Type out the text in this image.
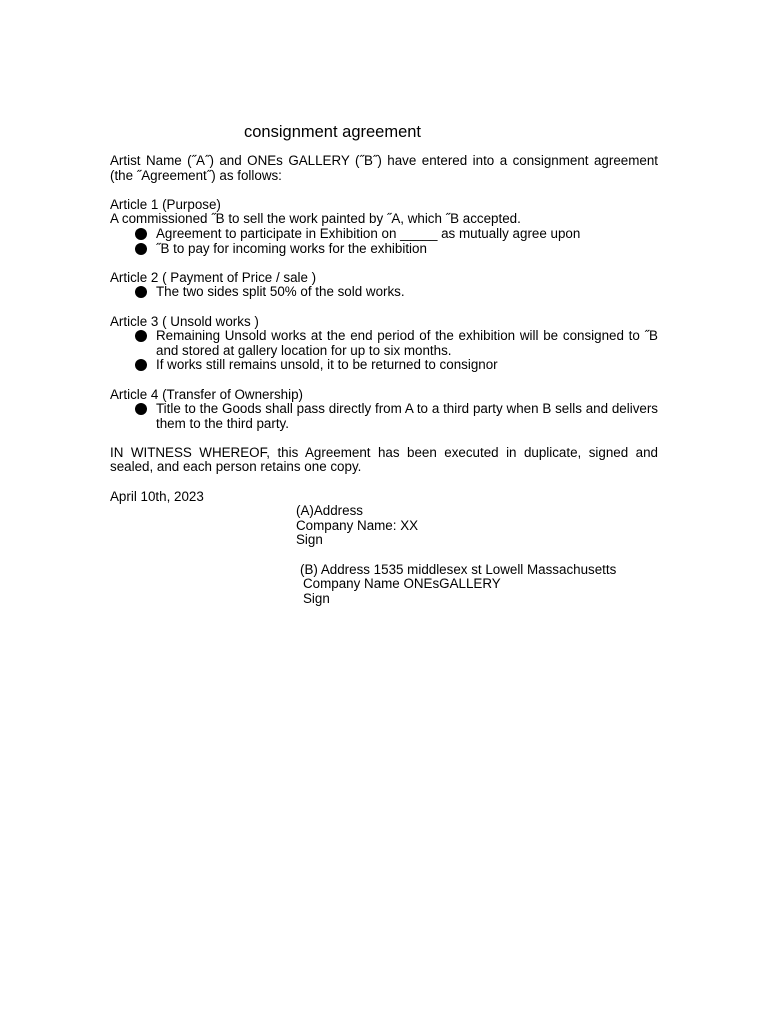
consignment agreement

Artist Name (˝A˝) and ONEs GALLERY (˝B˝) have entered into a consignment agreement (the ˝Agreement˝) as follows:

Article 1 (Purpose)

A commissioned ˝B to sell the work painted by ˝A, which ˝B accepted.

Agreement to participate in Exhibition on _____ as mutually agree upon
˝B to pay for incoming works for the exhibition

Article 2 ( Payment of Price / sale )

The two sides split 50% of the sold works.

Article 3 ( Unsold works )

Remaining Unsold works at the end period of the exhibition will be consigned to ˝B and stored at gallery location for up to six months.
If works still remains unsold, it to be returned to consignor

Article 4 (Transfer of Ownership)

Title to the Goods shall pass directly from A to a third party when B sells and delivers them to the third party.

IN WITNESS WHEREOF, this Agreement has been executed in duplicate, signed and sealed, and each person retains one copy.

April 10th, 2023

(A)Address
Company Name: XX
Sign
(B) Address 1535 middlesex st Lowell Massachusetts
Company Name ONEsGALLERY
Sign
